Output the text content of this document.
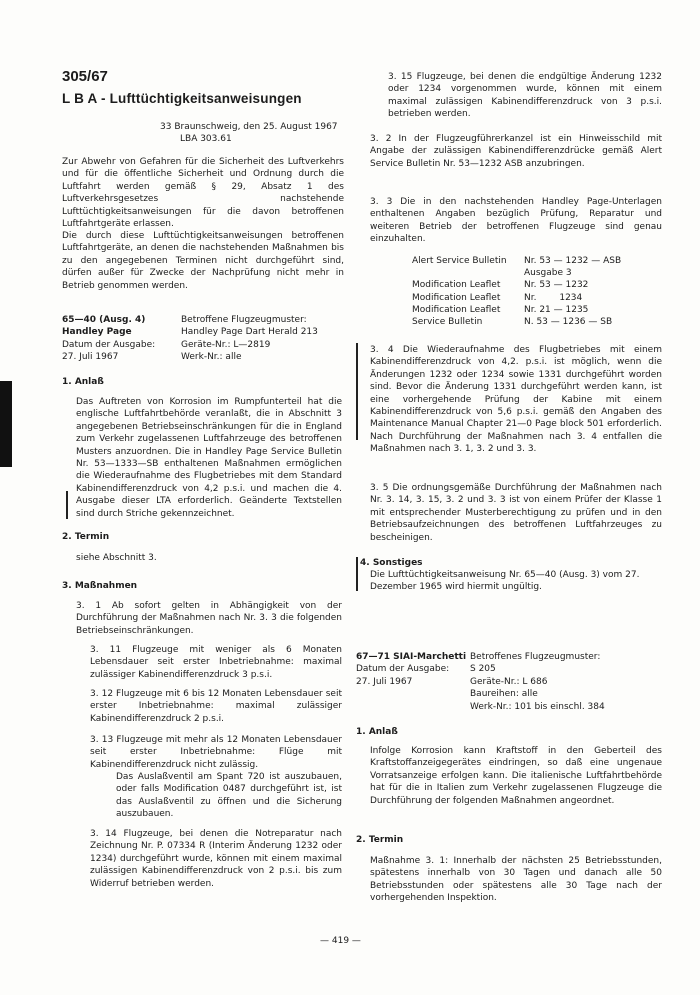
305/67
L B A - Lufttüchtigkeitsanweisungen

33 Braunschweig, den 25. August 1967

LBA 303.61

Zur Abwehr von Gefahren für die Sicherheit des Luftverkehrs und für die öffentliche Sicherheit und Ordnung durch die Luftfahrt werden gemäß § 29, Absatz 1 des Luftverkehrsgesetzes nachstehende Lufttüchtigkeitsanweisungen für die davon betroffenen Luftfahrtgeräte erlassen.

Die durch diese Lufttüchtigkeitsanweisungen betroffenen Luftfahrtgeräte, an denen die nachstehenden Maßnahmen bis zu den angegebenen Terminen nicht durchgeführt sind, dürfen außer für Zwecke der Nachprüfung nicht mehr in Betrieb genommen werden.

65—40 (Ausg. 4)

Handley Page

Datum der Ausgabe:

27. Juli 1967

Betroffene Flugzeugmuster:

Handley Page Dart Herald 213

Geräte-Nr.: L—2819

Werk-Nr.: alle

1. Anlaß

Das Auftreten von Korrosion im Rumpfunterteil hat die englische Luftfahrtbehörde veranlaßt, die in Abschnitt 3 angegebenen Betriebseinschränkungen für die in England zum Verkehr zugelassenen Luftfahrzeuge des betroffenen Musters anzuordnen. Die in Handley Page Service Bulletin Nr. 53—1333—SB enthaltenen Maßnahmen ermöglichen die Wiederaufnahme des Flugbetriebes mit dem Standard Kabinendifferenzdruck von 4,2 p.s.i. und machen die 4. Ausgabe dieser LTA erforderlich. Geänderte Textstellen sind durch Striche gekennzeichnet.

2. Termin

siehe Abschnitt 3.

3. Maßnahmen

3. 1 Ab sofort gelten in Abhängigkeit von der Durchführung der Maßnahmen nach Nr. 3. 3 die folgenden Betriebseinschränkungen.

3. 11 Flugzeuge mit weniger als 6 Monaten Lebensdauer seit erster Inbetriebnahme: maximal zulässiger Kabinendifferenzdruck 3 p.s.i.

3. 12 Flugzeuge mit 6 bis 12 Monaten Lebensdauer seit erster Inbetriebnahme: maximal zulässiger Kabinendifferenzdruck 2 p.s.i.

3. 13 Flugzeuge mit mehr als 12 Monaten Lebensdauer seit erster Inbetriebnahme: Flüge mit Kabinendifferenzdruck nicht zulässig.

Das Auslaßventil am Spant 720 ist auszubauen, oder falls Modification 0487 durchgeführt ist, ist das Auslaßventil zu öffnen und die Sicherung auszubauen.

3. 14 Flugzeuge, bei denen die Notreparatur nach Zeichnung Nr. P. 07334 R (Interim Änderung 1232 oder 1234) durchgeführt wurde, können mit einem maximal zulässigen Kabinendifferenzdruck von 2 p.s.i. bis zum Widerruf betrieben werden.

3. 15 Flugzeuge, bei denen die endgültige Änderung 1232 oder 1234 vorgenommen wurde, können mit einem maximal zulässigen Kabinendifferenzdruck von 3 p.s.i. betrieben werden.

3. 2 In der Flugzeugführerkanzel ist ein Hinweisschild mit Angabe der zulässigen Kabinendifferenzdrücke gemäß Alert Service Bulletin Nr. 53—1232 ASB anzubringen.

3. 3 Die in den nachstehenden Handley Page-Unterlagen enthaltenen Angaben bezüglich Prüfung, Reparatur und weiteren Betrieb der betroffenen Flugzeuge sind genau einzuhalten.

Alert Service Bulletin	Nr. 53 — 1232 — ASB
	Ausgabe 3
Modification Leaflet	Nr. 53 — 1232
Modification Leaflet	Nr.        1234
Modification Leaflet	Nr. 21 — 1235
Service Bulletin	N. 53 — 1236 — SB

3. 4 Die Wiederaufnahme des Flugbetriebes mit einem Kabinendifferenzdruck von 4,2. p.s.i. ist möglich, wenn die Änderungen 1232 oder 1234 sowie 1331 durchgeführt worden sind. Bevor die Änderung 1331 durchgeführt werden kann, ist eine vorhergehende Prüfung der Kabine mit einem Kabinendifferenzdruck von 5,6 p.s.i. gemäß den Angaben des Maintenance Manual Chapter 21—0 Page block 501 erforderlich. Nach Durchführung der Maßnahmen nach 3. 4 entfallen die Maßnahmen nach 3. 1, 3. 2 und 3. 3.

3. 5 Die ordnungsgemäße Durchführung der Maßnahmen nach Nr. 3. 14, 3. 15, 3. 2 und 3. 3 ist von einem Prüfer der Klasse 1 mit entsprechender Musterberechtigung zu prüfen und in den Betriebsaufzeichnungen des betroffenen Luftfahrzeuges zu bescheinigen.

4. Sonstiges

Die Lufttüchtigkeitsanweisung Nr. 65—40 (Ausg. 3) vom 27. Dezember 1965 wird hiermit ungültig.

67—71 SIAI-Marchetti

Datum der Ausgabe:

27. Juli 1967

Betroffenes Flugzeugmuster:

S 205

Geräte-Nr.: L 686

Baureihen: alle

Werk-Nr.: 101 bis einschl. 384

1. Anlaß

Infolge Korrosion kann Kraftstoff in den Geberteil des Kraftstoffanzeigegerätes eindringen, so daß eine ungenaue Vorratsanzeige erfolgen kann. Die italienische Luftfahrtbehörde hat für die in Italien zum Verkehr zugelassenen Flugzeuge die Durchführung der folgenden Maßnahmen angeordnet.

2. Termin

Maßnahme 3. 1: Innerhalb der nächsten 25 Betriebsstunden, spätestens innerhalb von 30 Tagen und danach alle 50 Betriebsstunden oder spätestens alle 30 Tage nach der vorhergehenden Inspektion.

— 419 —
